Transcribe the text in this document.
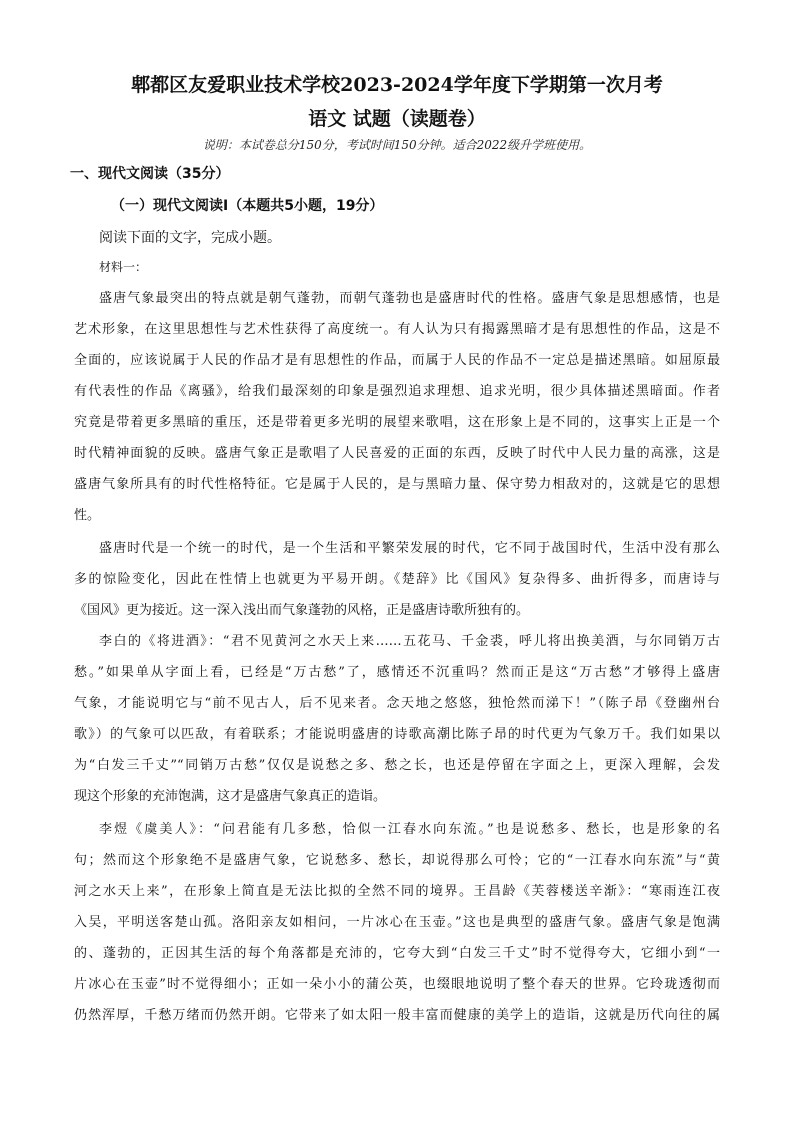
郫都区友爱职业技术学校2023-2024学年度下学期第一次月考
语文 试题（读题卷）
说明：本试卷总分150分，考试时间150分钟。适合2022级升学班使用。
一、现代文阅读（35分）
（一）现代文阅读Ⅰ（本题共5小题，19分）
阅读下面的文字，完成小题。
材料一：
盛唐气象最突出的特点就是朝气蓬勃，而朝气蓬勃也是盛唐时代的性格。盛唐气象是思想感情，也是
艺术形象，在这里思想性与艺术性获得了高度统一。有人认为只有揭露黑暗才是有思想性的作品，这是不
全面的，应该说属于人民的作品才是有思想性的作品，而属于人民的作品不一定总是描述黑暗。如屈原最
有代表性的作品《离骚》，给我们最深刻的印象是强烈追求理想、追求光明，很少具体描述黑暗面。作者
究竟是带着更多黑暗的重压，还是带着更多光明的展望来歌唱，这在形象上是不同的，这事实上正是一个
时代精神面貌的反映。盛唐气象正是歌唱了人民喜爱的正面的东西，反映了时代中人民力量的高涨，这是
盛唐气象所具有的时代性格特征。它是属于人民的，是与黑暗力量、保守势力相敌对的，这就是它的思想
性。
盛唐时代是一个统一的时代，是一个生活和平繁荣发展的时代，它不同于战国时代，生活中没有那么
多的惊险变化，因此在性情上也就更为平易开朗。《楚辞》比《国风》复杂得多、曲折得多，而唐诗与
《国风》更为接近。这一深入浅出而气象蓬勃的风格，正是盛唐诗歌所独有的。
李白的《将进酒》：“君不见黄河之水天上来……五花马、千金裘，呼儿将出换美酒，与尔同销万古
愁。”如果单从字面上看，已经是“万古愁”了，感情还不沉重吗？然而正是这“万古愁”才够得上盛唐
气象，才能说明它与“前不见古人，后不见来者。念天地之悠悠，独怆然而涕下！”（陈子昂《登幽州台
歌》）的气象可以匹敌，有着联系；才能说明盛唐的诗歌高潮比陈子昂的时代更为气象万千。我们如果以
为“白发三千丈”“同销万古愁”仅仅是说愁之多、愁之长，也还是停留在字面之上，更深入理解，会发
现这个形象的充沛饱满，这才是盛唐气象真正的造诣。
李煜《虞美人》：“问君能有几多愁，恰似一江春水向东流。”也是说愁多、愁长，也是形象的名
句；然而这个形象绝不是盛唐气象，它说愁多、愁长，却说得那么可怜；它的“一江春水向东流”与“黄
河之水天上来”，在形象上简直是无法比拟的全然不同的境界。王昌龄《芙蓉楼送辛渐》：“寒雨连江夜
入吴，平明送客楚山孤。洛阳亲友如相问，一片冰心在玉壶。”这也是典型的盛唐气象。盛唐气象是饱满
的、蓬勃的，正因其生活的每个角落都是充沛的，它夸大到“白发三千丈”时不觉得夸大，它细小到“一
片冰心在玉壶”时不觉得细小；正如一朵小小的蒲公英，也缀眼地说明了整个春天的世界。它玲珑透彻而
仍然浑厚，千愁万绪而仍然开朗。它带来了如太阳一般丰富而健康的美学上的造诣，这就是历代向往的属
